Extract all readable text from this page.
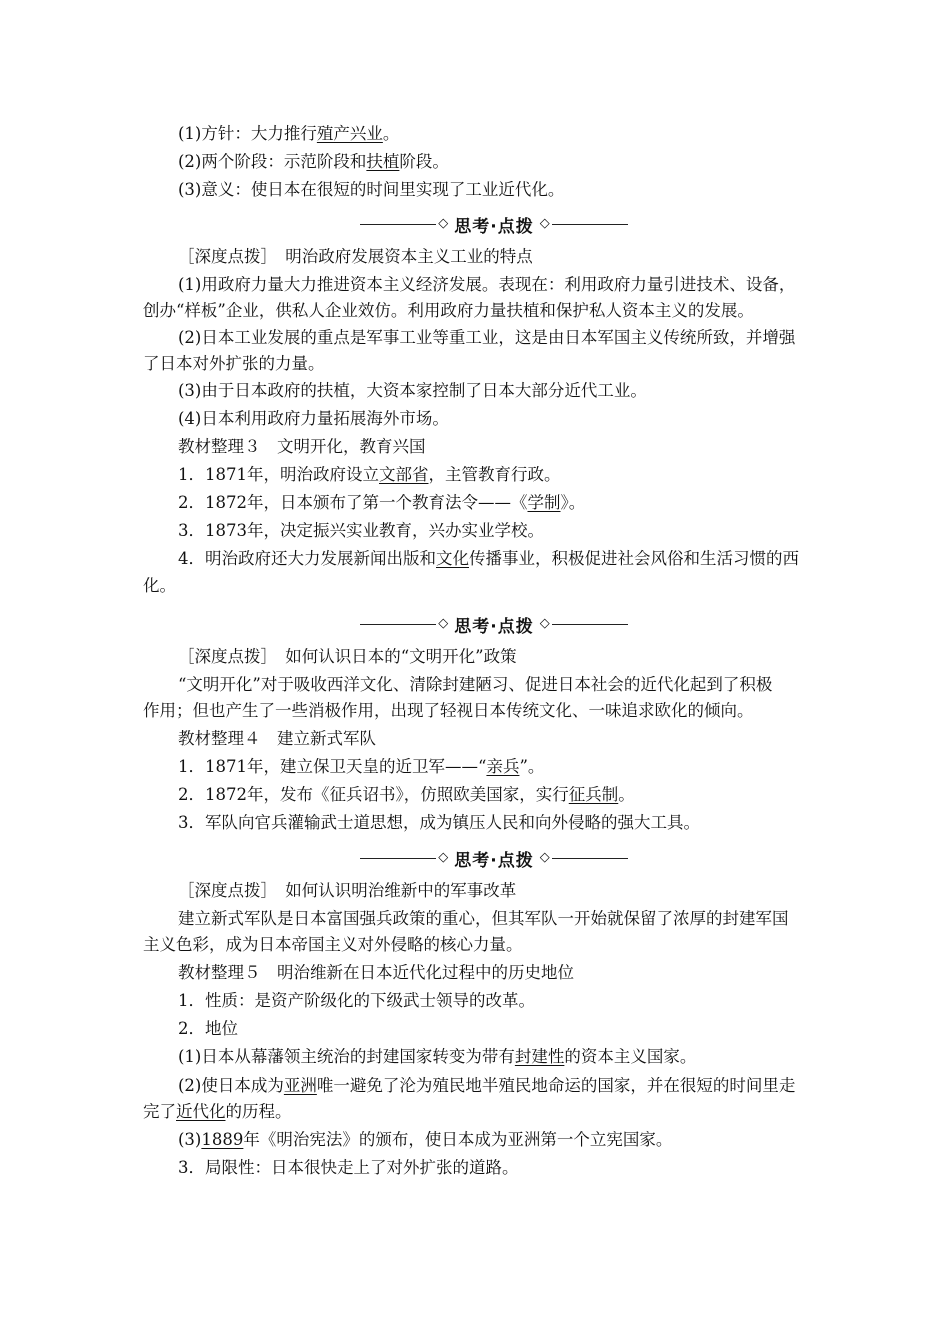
(1)方针：大力推行殖产兴业。
(2)两个阶段：示范阶段和扶植阶段。
(3)意义：使日本在很短的时间里实现了工业近代化。
◇ 思考·点拨 ◇
［深度点拨］　明治政府发展资本主义工业的特点
(1)用政府力量大力推进资本主义经济发展。表现在：利用政府力量引进技术、设备，
创办“样板”企业，供私人企业效仿。利用政府力量扶植和保护私人资本主义的发展。
(2)日本工业发展的重点是军事工业等重工业，这是由日本军国主义传统所致，并增强
了日本对外扩张的力量。
(3)由于日本政府的扶植，大资本家控制了日本大部分近代工业。
(4)日本利用政府力量拓展海外市场。
教材整理３　文明开化，教育兴国
1．1871年，明治政府设立文部省，主管教育行政。
2．1872年，日本颁布了第一个教育法令——《学制》。
3．1873年，决定振兴实业教育，兴办实业学校。
4．明治政府还大力发展新闻出版和文化传播事业，积极促进社会风俗和生活习惯的西
化。
◇ 思考·点拨 ◇
［深度点拨］　如何认识日本的“文明开化”政策
“文明开化”对于吸收西洋文化、清除封建陋习、促进日本社会的近代化起到了积极
作用；但也产生了一些消极作用，出现了轻视日本传统文化、一味追求欧化的倾向。
教材整理４　建立新式军队
1．1871年，建立保卫天皇的近卫军——“亲兵”。
2．1872年，发布《征兵诏书》，仿照欧美国家，实行征兵制。
3．军队向官兵灌输武士道思想，成为镇压人民和向外侵略的强大工具。
◇ 思考·点拨 ◇
［深度点拨］　如何认识明治维新中的军事改革
建立新式军队是日本富国强兵政策的重心，但其军队一开始就保留了浓厚的封建军国
主义色彩，成为日本帝国主义对外侵略的核心力量。
教材整理５　明治维新在日本近代化过程中的历史地位
1．性质：是资产阶级化的下级武士领导的改革。
2．地位
(1)日本从幕藩领主统治的封建国家转变为带有封建性的资本主义国家。
(2)使日本成为亚洲唯一避免了沦为殖民地半殖民地命运的国家，并在很短的时间里走
完了近代化的历程。
(3)1889年《明治宪法》的颁布，使日本成为亚洲第一个立宪国家。
3．局限性：日本很快走上了对外扩张的道路。
